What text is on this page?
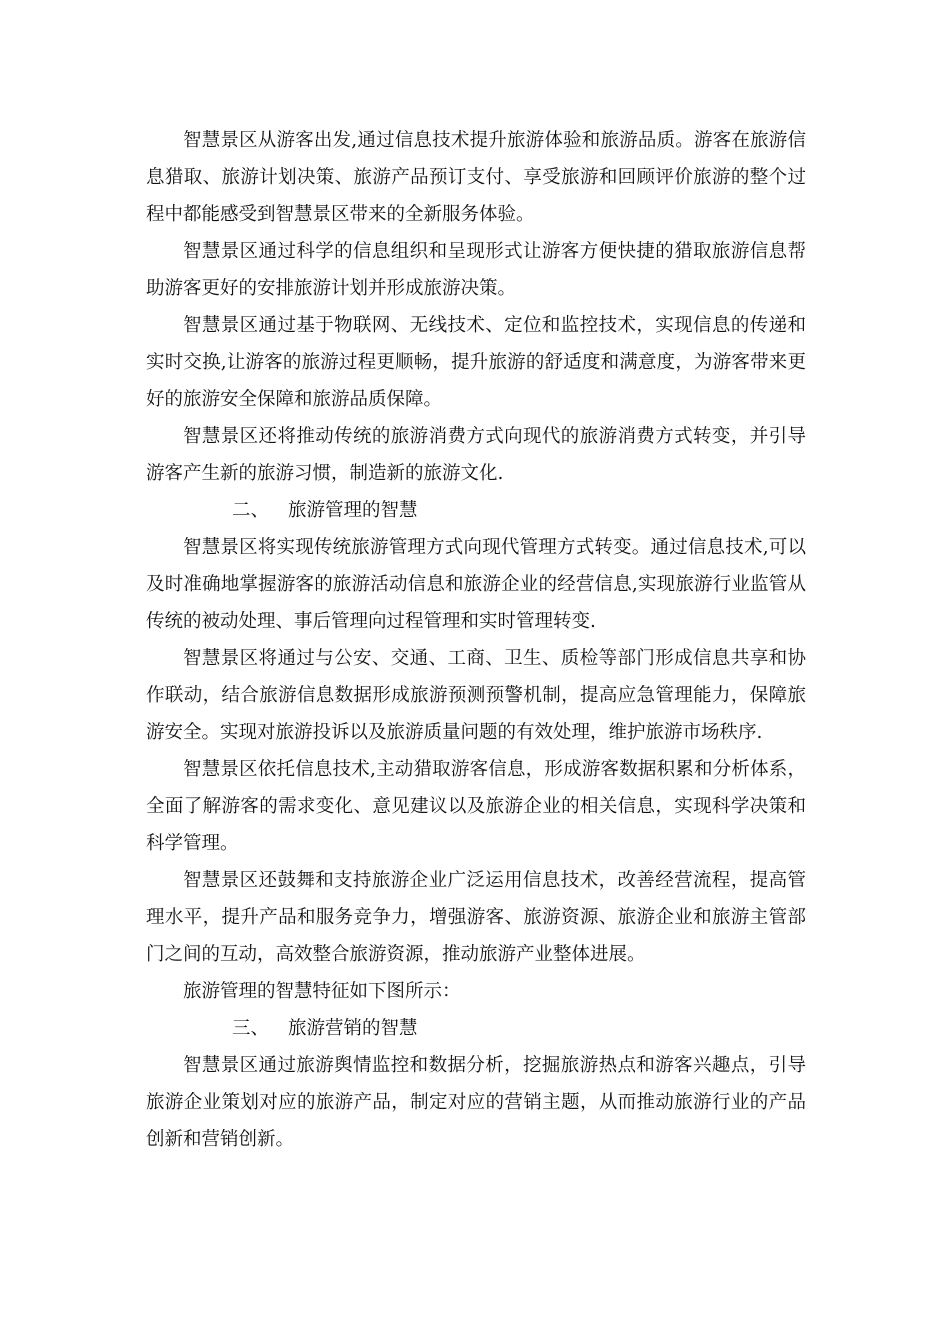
智慧景区从游客出发,通过信息技术提升旅游体验和旅游品质。游客在旅游信息猎取、旅游计划决策、旅游产品预订支付、享受旅游和回顾评价旅游的整个过程中都能感受到智慧景区带来的全新服务体验。

智慧景区通过科学的信息组织和呈现形式让游客方便快捷的猎取旅游信息帮助游客更好的安排旅游计划并形成旅游决策。

智慧景区通过基于物联网、无线技术、定位和监控技术，实现信息的传递和实时交换,让游客的旅游过程更顺畅，提升旅游的舒适度和满意度，为游客带来更好的旅游安全保障和旅游品质保障。

智慧景区还将推动传统的旅游消费方式向现代的旅游消费方式转变，并引导游客产生新的旅游习惯，制造新的旅游文化.

二、 旅游管理的智慧

智慧景区将实现传统旅游管理方式向现代管理方式转变。通过信息技术,可以及时准确地掌握游客的旅游活动信息和旅游企业的经营信息,实现旅游行业监管从传统的被动处理、事后管理向过程管理和实时管理转变.

智慧景区将通过与公安、交通、工商、卫生、质检等部门形成信息共享和协作联动，结合旅游信息数据形成旅游预测预警机制，提高应急管理能力，保障旅游安全。实现对旅游投诉以及旅游质量问题的有效处理，维护旅游市场秩序.

智慧景区依托信息技术,主动猎取游客信息，形成游客数据积累和分析体系，全面了解游客的需求变化、意见建议以及旅游企业的相关信息，实现科学决策和科学管理。

智慧景区还鼓舞和支持旅游企业广泛运用信息技术，改善经营流程，提高管理水平，提升产品和服务竞争力，增强游客、旅游资源、旅游企业和旅游主管部门之间的互动，高效整合旅游资源，推动旅游产业整体进展。

旅游管理的智慧特征如下图所示：

三、 旅游营销的智慧

智慧景区通过旅游舆情监控和数据分析，挖掘旅游热点和游客兴趣点，引导旅游企业策划对应的旅游产品，制定对应的营销主题，从而推动旅游行业的产品创新和营销创新。
